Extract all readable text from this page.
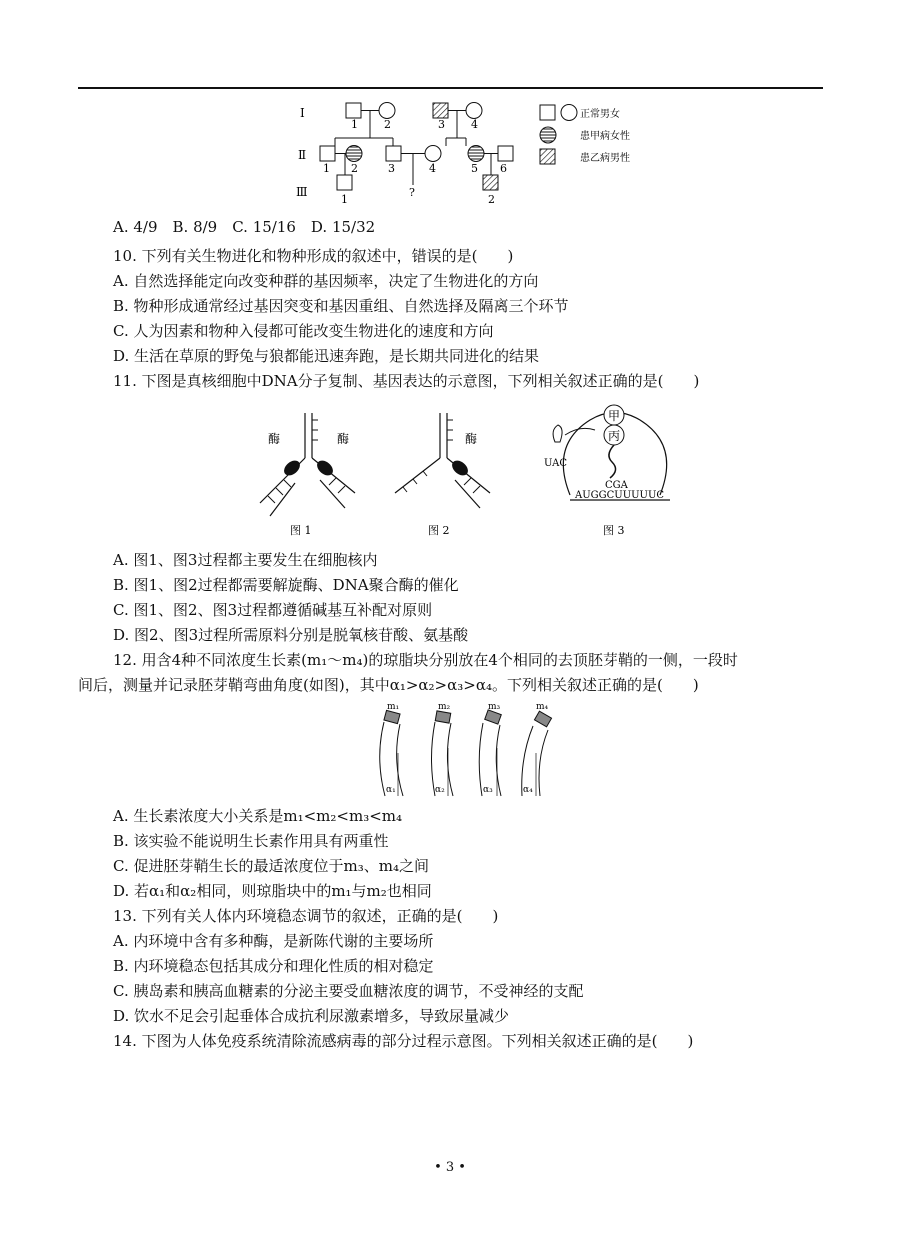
Ⅰ
Ⅱ
Ⅲ
1 2	3 4
1 2	3	4	5 6
1
?
2
正常男女
患甲病女性
患乙病男性
A. 4/9　B. 8/9　C. 15/16　D. 15/32
10. 下列有关生物进化和物种形成的叙述中，错误的是(　　)
A. 自然选择能定向改变种群的基因频率，决定了生物进化的方向
B. 物种形成通常经过基因突变和基因重组、自然选择及隔离三个环节
C. 人为因素和物种入侵都可能改变生物进化的速度和方向
D. 生活在草原的野兔与狼都能迅速奔跑，是长期共同进化的结果
11. 下图是真核细胞中DNA分子复制、基因表达的示意图，下列相关叙述正确的是(　　)
酶	酶
图 1
酶
图 2
甲
丙
CGA
AUGGCUUUUUC
UAC
图 3
A. 图1、图3过程都主要发生在细胞核内
B. 图1、图2过程都需要解旋酶、DNA聚合酶的催化
C. 图1、图2、图3过程都遵循碱基互补配对原则
D. 图2、图3过程所需原料分别是脱氧核苷酸、氨基酸
12. 用含4种不同浓度生长素(m₁～m₄)的琼脂块分别放在4个相同的去顶胚芽鞘的一侧，一段时
间后，测量并记录胚芽鞘弯曲角度(如图)，其中α₁>α₂>α₃>α₄。下列相关叙述正确的是(　　)
m₁
α₁
m₂
α₂
m₃
α₃
m₄
α₄
A. 生长素浓度大小关系是m₁<m₂<m₃<m₄
B. 该实验不能说明生长素作用具有两重性
C. 促进胚芽鞘生长的最适浓度位于m₃、m₄之间
D. 若α₁和α₂相同，则琼脂块中的m₁与m₂也相同
13. 下列有关人体内环境稳态调节的叙述，正确的是(　　)
A. 内环境中含有多种酶，是新陈代谢的主要场所
B. 内环境稳态包括其成分和理化性质的相对稳定
C. 胰岛素和胰高血糖素的分泌主要受血糖浓度的调节，不受神经的支配
D. 饮水不足会引起垂体合成抗利尿激素增多，导致尿量减少
14. 下图为人体免疫系统清除流感病毒的部分过程示意图。下列相关叙述正确的是(　　)
• 3 •
